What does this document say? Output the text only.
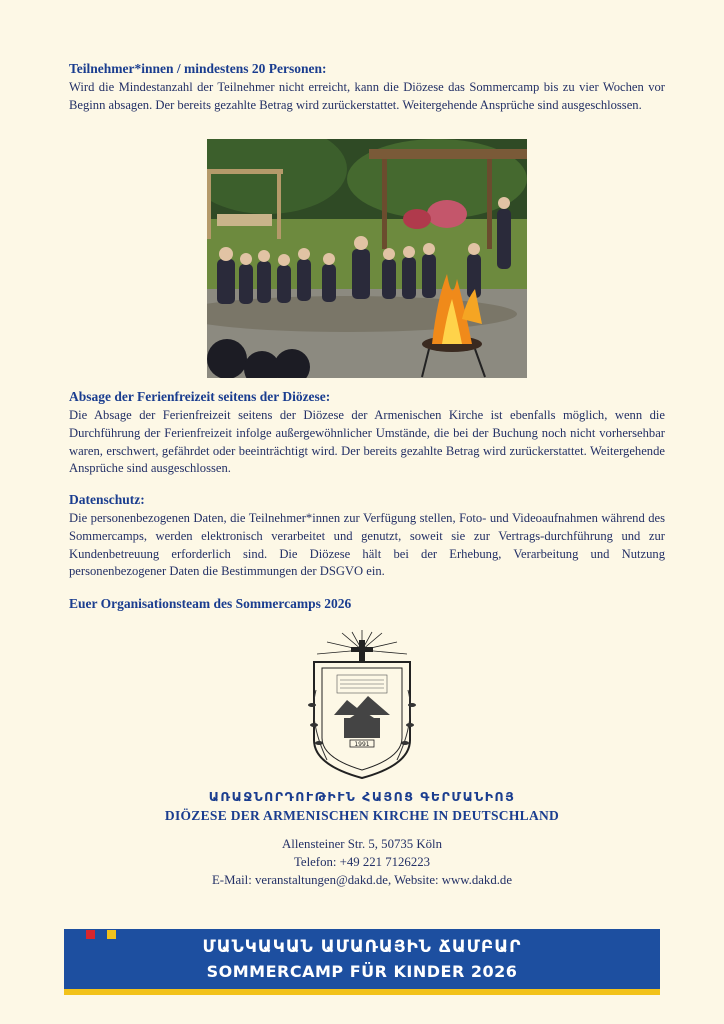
Teilnehmer*innen / mindestens 20 Personen:

Wird die Mindestanzahl der Teilnehmer nicht erreicht, kann die Diözese das Sommercamp bis zu vier Wochen vor Beginn absagen. Der bereits gezahlte Betrag wird zurückerstattet. Weitergehende Ansprüche sind ausgeschlossen.

Absage der Ferienfreizeit seitens der Diözese:

Die Absage der Ferienfreizeit seitens der Diözese der Armenischen Kirche ist ebenfalls möglich, wenn die Durchführung der Ferienfreizeit infolge außergewöhnlicher Umstände, die bei der Buchung noch nicht vorhersehbar waren, erschwert, gefährdet oder beeinträchtigt wird. Der bereits gezahlte Betrag wird zurückerstattet. Weitergehende Ansprüche sind ausgeschlossen.

Datenschutz:

Die personenbezogenen Daten, die Teilnehmer*innen zur Verfügung stellen, Foto- und Videoaufnahmen während des Sommercamps, werden elektronisch verarbeitet und genutzt, soweit sie zur Vertrags-durchführung und zur Kundenbetreuung erforderlich sind. Die Diözese hält bei der Erhebung, Verarbeitung und Nutzung personenbezogener Daten die Bestimmungen der DSGVO ein.

Euer Organisationsteam des Sommercamps 2026
1991
ԱՌԱՋՆՈՐԴՈՒԹԻՒՆ ՀԱՅՈՑ ԳԵՐՄԱՆԻՈՅ
DIÖZESE DER ARMENISCHEN KIRCHE IN DEUTSCHLAND
Allensteiner Str. 5, 50735 Köln
Telefon: +49 221 7126223
E-Mail: veranstaltungen@dakd.de, Website: www.dakd.de
ՄԱՆԿԱԿԱՆ ԱՄԱՌԱՅԻՆ ՃԱՄԲԱՐ
SOMMERCAMP FÜR KINDER 2026
